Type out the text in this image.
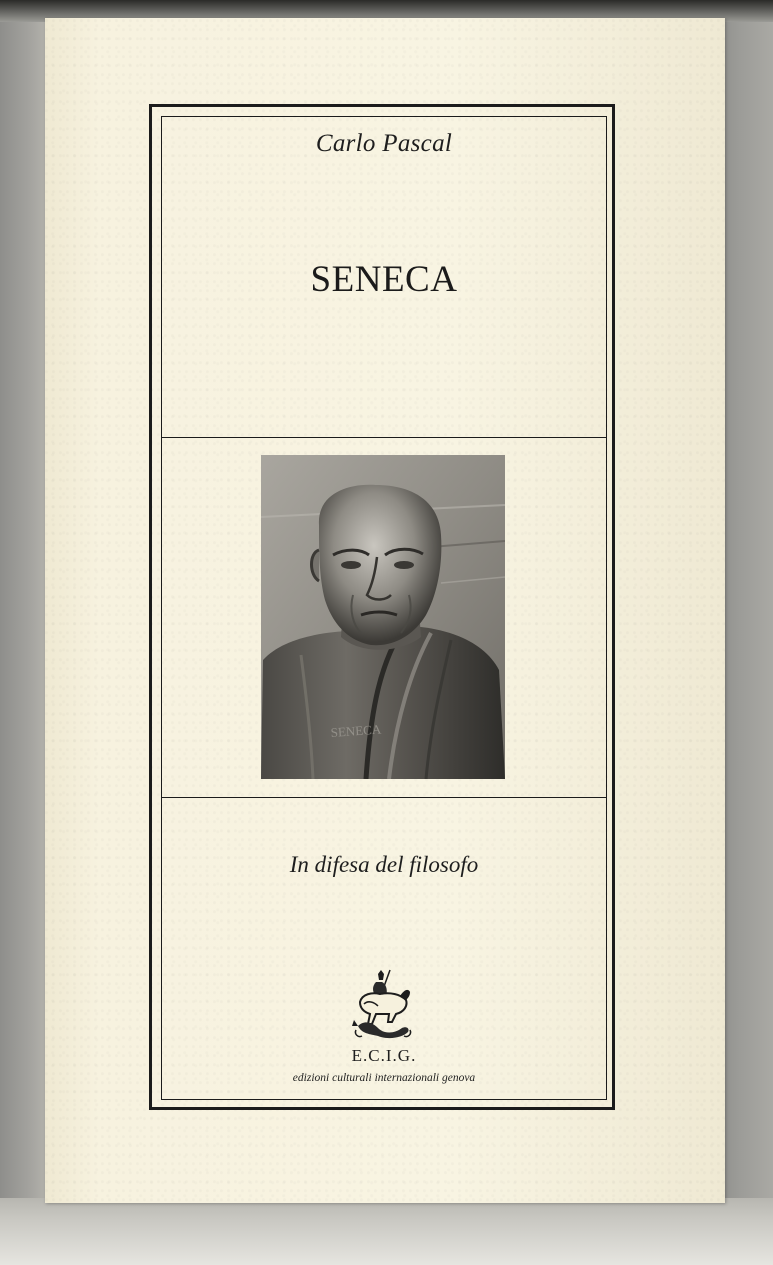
Carlo Pascal
SENECA
SENECA
In difesa del filosofo
E.C.I.G.
edizioni culturali internazionali genova
